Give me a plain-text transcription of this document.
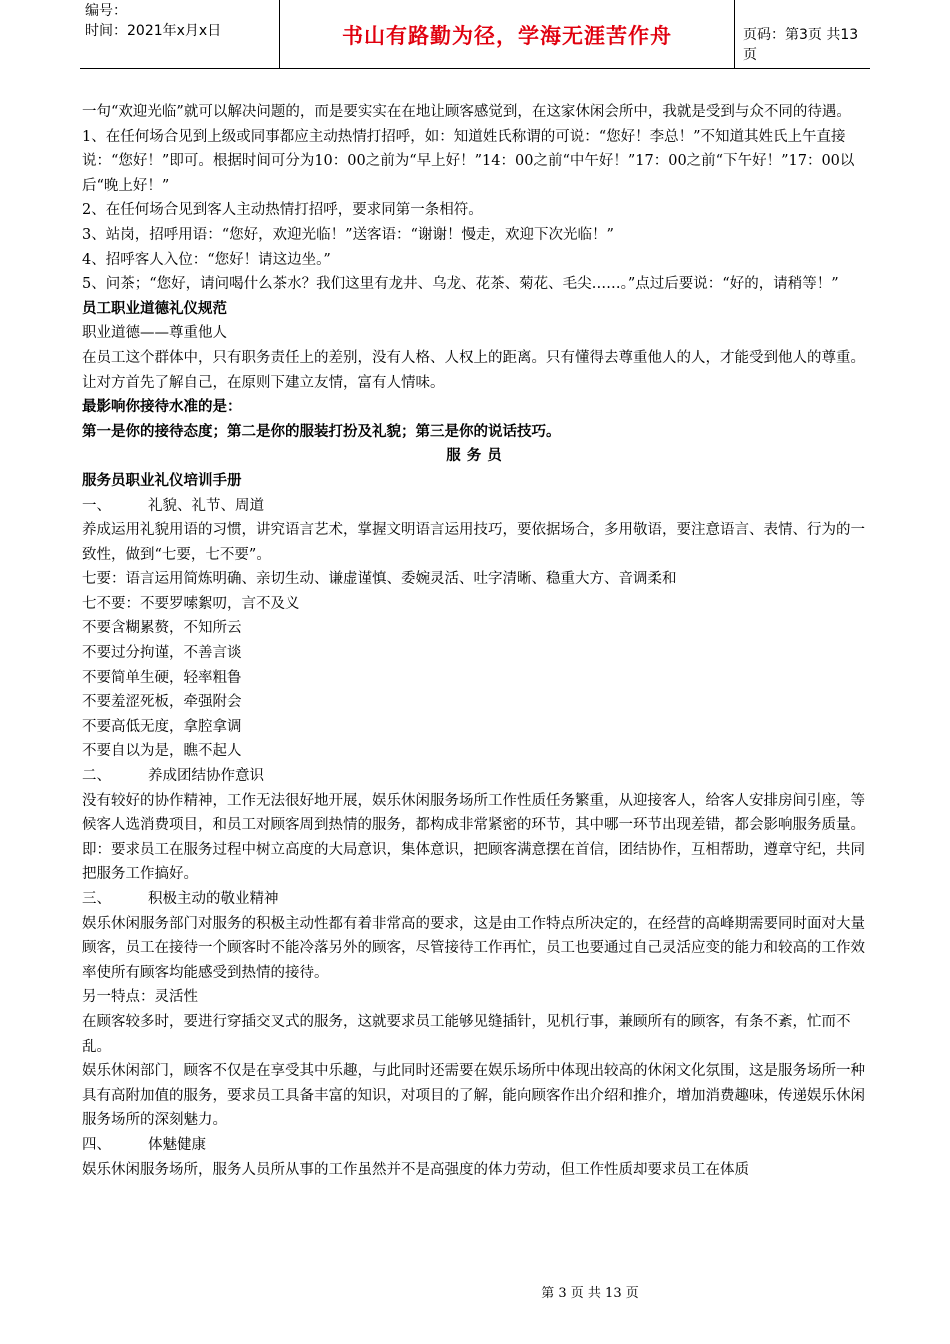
编号：
时间：2021年x月x日	书山有路勤为径，学海无涯苦作舟	页码：第3页 共13页

一句“欢迎光临”就可以解决问题的，而是要实实在在地让顾客感觉到，在这家休闲会所中，我就是受到与众不同的待遇。

1、在任何场合见到上级或同事都应主动热情打招呼，如：知道姓氏称谓的可说：“您好！李总！”不知道其姓氏上午直接说：“您好！”即可。根据时间可分为10：00之前为“早上好！”14：00之前“中午好！”17：00之前“下午好！”17：00以后“晚上好！”

2、在任何场合见到客人主动热情打招呼，要求同第一条相符。

3、站岗，招呼用语：“您好，欢迎光临！”送客语：“谢谢！慢走，欢迎下次光临！”

4、招呼客人入位：“您好！请这边坐。”

5、问茶；“您好，请问喝什么茶水？我们这里有龙井、乌龙、花茶、菊花、毛尖……。”点过后要说：“好的，请稍等！”

员工职业道德礼仪规范

职业道德——尊重他人

在员工这个群体中，只有职务责任上的差别，没有人格、人权上的距离。只有懂得去尊重他人的人，才能受到他人的尊重。让对方首先了解自己，在原则下建立友情，富有人情味。

最影响你接待水准的是：

第一是你的接待态度；第二是你的服装打扮及礼貌；第三是你的说话技巧。

服务员

服务员职业礼仪培训手册

一、	礼貌、礼节、周道

养成运用礼貌用语的习惯，讲究语言艺术，掌握文明语言运用技巧，要依据场合，多用敬语，要注意语言、表情、行为的一致性，做到“七要，七不要”。

七要：语言运用简炼明确、亲切生动、谦虚谨慎、委婉灵活、吐字清晰、稳重大方、音调柔和

七不要：不要罗嗦絮叨，言不及义

不要含糊累赘，不知所云

不要过分拘谨，不善言谈

不要简单生硬，轻率粗鲁

不要羞涩死板，牵强附会

不要高低无度，拿腔拿调

不要自以为是，瞧不起人

二、	养成团结协作意识

没有较好的协作精神，工作无法很好地开展，娱乐休闲服务场所工作性质任务繁重，从迎接客人，给客人安排房间引座，等候客人选消费项目，和员工对顾客周到热情的服务，都构成非常紧密的环节，其中哪一环节出现差错，都会影响服务质量。即：要求员工在服务过程中树立高度的大局意识，集体意识，把顾客满意摆在首信，团结协作，互相帮助，遵章守纪，共同把服务工作搞好。

三、	积极主动的敬业精神

娱乐休闲服务部门对服务的积极主动性都有着非常高的要求，这是由工作特点所决定的，在经营的高峰期需要同时面对大量顾客，员工在接待一个顾客时不能冷落另外的顾客，尽管接待工作再忙，员工也要通过自己灵活应变的能力和较高的工作效率使所有顾客均能感受到热情的接待。

另一特点：灵活性

在顾客较多时，要进行穿插交叉式的服务，这就要求员工能够见缝插针，见机行事，兼顾所有的顾客，有条不紊，忙而不乱。

娱乐休闲部门，顾客不仅是在享受其中乐趣，与此同时还需要在娱乐场所中体现出较高的休闲文化氛围，这是服务场所一种具有高附加值的服务，要求员工具备丰富的知识，对项目的了解，能向顾客作出介绍和推介，增加消费趣味，传递娱乐休闲服务场所的深刻魅力。

四、	体魅健康

娱乐休闲服务场所，服务人员所从事的工作虽然并不是高强度的体力劳动，但工作性质却要求员工在体质

第 3 页 共 13 页
